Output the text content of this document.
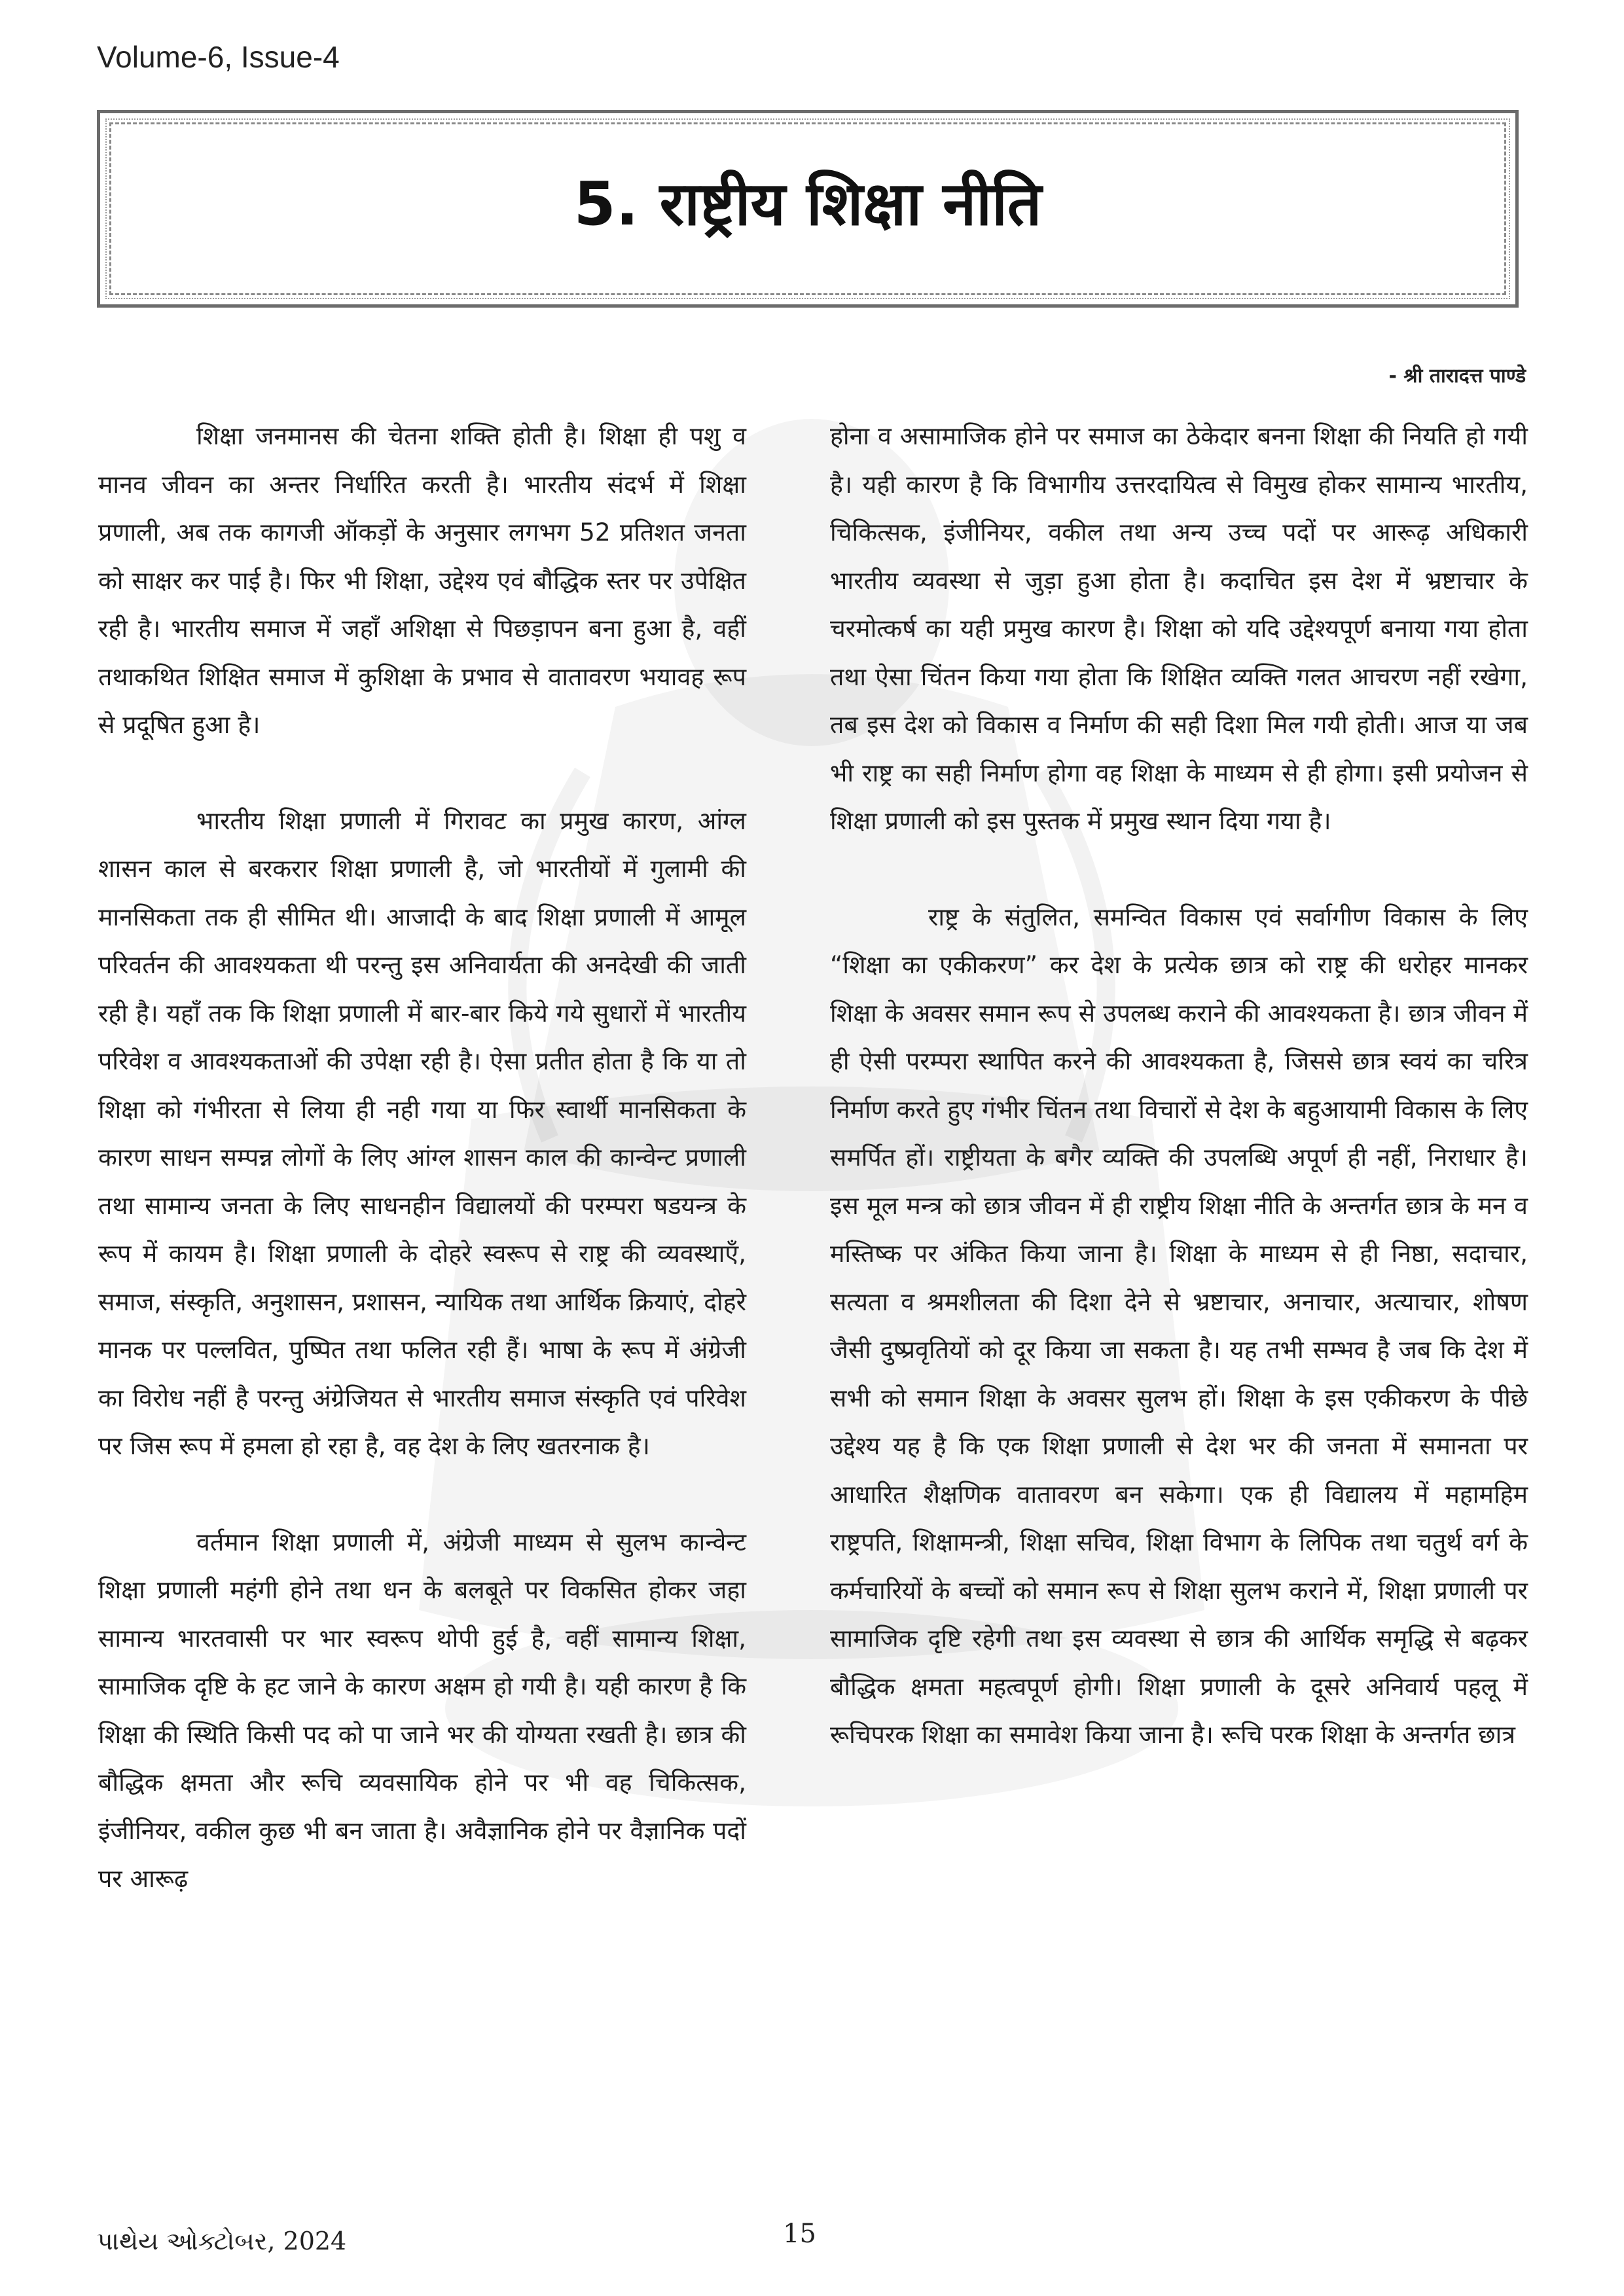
Volume-6, Issue-4
5. राष्ट्रीय शिक्षा नीति
- श्री तारादत्त पाण्डे

शिक्षा जनमानस की चेतना शक्ति होती है। शिक्षा ही पशु व मानव जीवन का अन्तर निर्धारित करती है। भारतीय संदर्भ में शिक्षा प्रणाली, अब तक कागजी ऑकड़ों के अनुसार लगभग 52 प्रतिशत जनता को साक्षर कर पाई है। फिर भी शिक्षा, उद्देश्य एवं बौद्धिक स्तर पर उपेक्षित रही है। भारतीय समाज में जहाँ अशिक्षा से पिछड़ापन बना हुआ है, वहीं तथाकथित शिक्षित समाज में कुशिक्षा के प्रभाव से वातावरण भयावह रूप से प्रदूषित हुआ है।

भारतीय शिक्षा प्रणाली में गिरावट का प्रमुख कारण, आंग्ल शासन काल से बरकरार शिक्षा प्रणाली है, जो भारतीयों में गुलामी की मानसिकता तक ही सीमित थी। आजादी के बाद शिक्षा प्रणाली में आमूल परिवर्तन की आवश्यकता थी परन्तु इस अनिवार्यता की अनदेखी की जाती रही है। यहाँ तक कि शिक्षा प्रणाली में बार-बार किये गये सुधारों में भारतीय परिवेश व आवश्यकताओं की उपेक्षा रही है। ऐसा प्रतीत होता है कि या तो शिक्षा को गंभीरता से लिया ही नही गया या फिर स्वार्थी मानसिकता के कारण साधन सम्पन्न लोगों के लिए आंग्ल शासन काल की कान्वेन्ट प्रणाली तथा सामान्य जनता के लिए साधनहीन विद्यालयों की परम्परा षडयन्त्र के रूप में कायम है। शिक्षा प्रणाली के दोहरे स्वरूप से राष्ट्र की व्यवस्थाएँ, समाज, संस्कृति, अनुशासन, प्रशासन, न्यायिक तथा आर्थिक क्रियाएं, दोहरे मानक पर पल्लवित, पुष्पित तथा फलित रही हैं। भाषा के रूप में अंग्रेजी का विरोध नहीं है परन्तु अंग्रेजियत से भारतीय समाज संस्कृति एवं परिवेश पर जिस रूप में हमला हो रहा है, वह देश के लिए खतरनाक है।

वर्तमान शिक्षा प्रणाली में, अंग्रेजी माध्यम से सुलभ कान्वेन्ट शिक्षा प्रणाली महंगी होने तथा धन के बलबूते पर विकसित होकर जहा सामान्य भारतवासी पर भार स्वरूप थोपी हुई है, वहीं सामान्य शिक्षा, सामाजिक दृष्टि के हट जाने के कारण अक्षम हो गयी है। यही कारण है कि शिक्षा की स्थिति किसी पद को पा जाने भर की योग्यता रखती है। छात्र की बौद्धिक क्षमता और रूचि व्यवसायिक होने पर भी वह चिकित्सक, इंजीनियर, वकील कुछ भी बन जाता है। अवैज्ञानिक होने पर वैज्ञानिक पदों पर आरूढ़

होना व असामाजिक होने पर समाज का ठेकेदार बनना शिक्षा की नियति हो गयी है। यही कारण है कि विभागीय उत्तरदायित्व से विमुख होकर सामान्य भारतीय, चिकित्सक, इंजीनियर, वकील तथा अन्य उच्च पदों पर आरूढ़ अधिकारी भारतीय व्यवस्था से जुड़ा हुआ होता है। कदाचित इस देश में भ्रष्टाचार के चरमोत्कर्ष का यही प्रमुख कारण है। शिक्षा को यदि उद्देश्यपूर्ण बनाया गया होता तथा ऐसा चिंतन किया गया होता कि शिक्षित व्यक्ति गलत आचरण नहीं रखेगा, तब इस देश को विकास व निर्माण की सही दिशा मिल गयी होती। आज या जब भी राष्ट्र का सही निर्माण होगा वह शिक्षा के माध्यम से ही होगा। इसी प्रयोजन से शिक्षा प्रणाली को इस पुस्तक में प्रमुख स्थान दिया गया है।

राष्ट्र के संतुलित, समन्वित विकास एवं सर्वागीण विकास के लिए “शिक्षा का एकीकरण” कर देश के प्रत्येक छात्र को राष्ट्र की धरोहर मानकर शिक्षा के अवसर समान रूप से उपलब्ध कराने की आवश्यकता है। छात्र जीवन में ही ऐसी परम्परा स्थापित करने की आवश्यकता है, जिससे छात्र स्वयं का चरित्र निर्माण करते हुए गंभीर चिंतन तथा विचारों से देश के बहुआयामी विकास के लिए समर्पित हों। राष्ट्रीयता के बगैर व्यक्ति की उपलब्धि अपूर्ण ही नहीं, निराधार है। इस मूल मन्त्र को छात्र जीवन में ही राष्ट्रीय शिक्षा नीति के अन्तर्गत छात्र के मन व मस्तिष्क पर अंकित किया जाना है। शिक्षा के माध्यम से ही निष्ठा, सदाचार, सत्यता व श्रमशीलता की दिशा देने से भ्रष्टाचार, अनाचार, अत्याचार, शोषण जैसी दुष्प्रवृतियों को दूर किया जा सकता है। यह तभी सम्भव है जब कि देश में सभी को समान शिक्षा के अवसर सुलभ हों। शिक्षा के इस एकीकरण के पीछे उद्देश्य यह है कि एक शिक्षा प्रणाली से देश भर की जनता में समानता पर आधारित शैक्षणिक वातावरण बन सकेगा। एक ही विद्यालय में महामहिम राष्ट्रपति, शिक्षामन्त्री, शिक्षा सचिव, शिक्षा विभाग के लिपिक तथा चतुर्थ वर्ग के कर्मचारियों के बच्चों को समान रूप से शिक्षा सुलभ कराने में, शिक्षा प्रणाली पर सामाजिक दृष्टि रहेगी तथा इस व्यवस्था से छात्र की आर्थिक समृद्धि से बढ़कर बौद्धिक क्षमता महत्वपूर्ण होगी। शिक्षा प्रणाली के दूसरे अनिवार्य पहलू में रूचिपरक शिक्षा का समावेश किया जाना है। रूचि परक शिक्षा के अन्तर्गत छात्र

પાથેય ઓક્ટોબર, 2024	15
